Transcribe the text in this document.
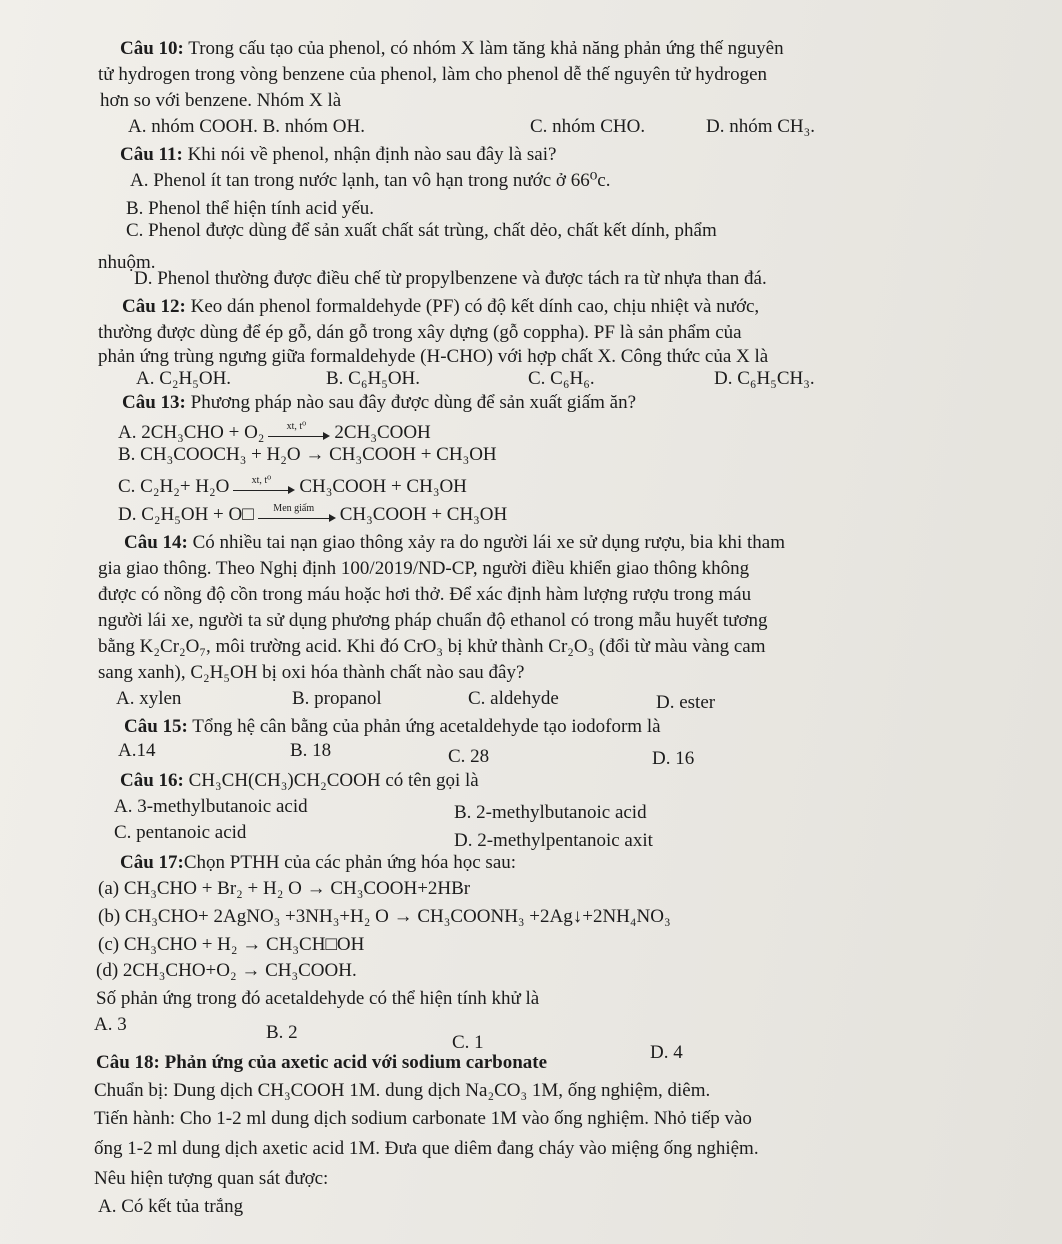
Câu 10: Trong cấu tạo của phenol, có nhóm X làm tăng khả năng phản ứng thế nguyên
tử hydrogen trong vòng benzene của phenol, làm cho phenol dễ thế nguyên tử hydrogen
hơn so với benzene. Nhóm X là
A. nhóm COOH. B. nhóm OH.	C. nhóm CHO.	D. nhóm CH₃.
Câu 11: Khi nói về phenol, nhận định nào sau đây là sai?
A. Phenol ít tan trong nước lạnh, tan vô hạn trong nước ở 66⁰c.
B. Phenol thể hiện tính acid yếu.
C. Phenol được dùng để sản xuất chất sát trùng, chất dẻo, chất kết dính, phẩm
nhuộm.
D. Phenol thường được điều chế từ propylbenzene và được tách ra từ nhựa than đá.
Câu 12: Keo dán phenol formaldehyde (PF) có độ kết dính cao, chịu nhiệt và nước,
thường được dùng để ép gỗ, dán gỗ trong xây dựng (gỗ coppha). PF là sản phẩm của
phản ứng trùng ngưng giữa formaldehyde (H-CHO) với hợp chất X. Công thức của X là
A. C₂H₅OH.	B. C₆H₅OH.	C. C₆H₆.	D. C₆H₅CH₃.
Câu 13: Phương pháp nào sau đây được dùng để sản xuất giấm ăn?
A. 2CH₃CHO + O₂	xt, t⁰	2CH₃COOH
B. CH₃COOCH₃ + H₂O → CH₃COOH + CH₃OH
C. C₂H₂+ H₂O	xt, t⁰	CH₃COOH + CH₃OH
D. C₂H₅OH + O□	Men giấm	CH₃COOH + CH₃OH
Câu 14: Có nhiều tai nạn giao thông xảy ra do người lái xe sử dụng rượu, bia khi tham
gia giao thông. Theo Nghị định 100/2019/ND-CP, người điều khiển giao thông không
được có nồng độ cồn trong máu hoặc hơi thở. Để xác định hàm lượng rượu trong máu
người lái xe, người ta sử dụng phương pháp chuẩn độ ethanol có trong mẫu huyết tương
bằng K₂Cr₂O₇, môi trường acid. Khi đó CrO₃ bị khử thành Cr₂O₃ (đổi từ màu vàng cam
sang xanh), C₂H₅OH bị oxi hóa thành chất nào sau đây?
A. xylen	B. propanol	C. aldehyde	D. ester
Câu 15: Tổng hệ cân bằng của phản ứng acetaldehyde tạo iodoform là
A.14	B. 18	C. 28	D. 16
Câu 16: CH₃CH(CH₃)CH₂COOH có tên gọi là
A. 3-methylbutanoic acid	B. 2-methylbutanoic acid
C. pentanoic acid	D. 2-methylpentanoic axit
Câu 17:Chọn PTHH của các phản ứng hóa học sau:
(a) CH₃CHO + Br₂ + H₂ O → CH₃COOH+2HBr
(b) CH₃CHO+ 2AgNO₃ +3NH₃+H₂ O → CH₃COONH₃ +2Ag↓+2NH₄NO₃
(c) CH₃CHO + H₂ → CH₃CH□OH
(d) 2CH₃CHO+O₂ → CH₃COOH.
Số phản ứng trong đó acetaldehyde có thể hiện tính khử là
A. 3	B. 2	C. 1	D. 4
Câu 18: Phản ứng của axetic acid với sodium carbonate
Chuẩn bị: Dung dịch CH₃COOH 1M. dung dịch Na₂CO₃ 1M, ống nghiệm, diêm.
Tiến hành: Cho 1-2 ml dung dịch sodium carbonate 1M vào ống nghiệm. Nhỏ tiếp vào
ống 1-2 ml dung dịch axetic acid 1M. Đưa que diêm đang cháy vào miệng ống nghiệm.
Nêu hiện tượng quan sát được:
A. Có kết tủa trắng
